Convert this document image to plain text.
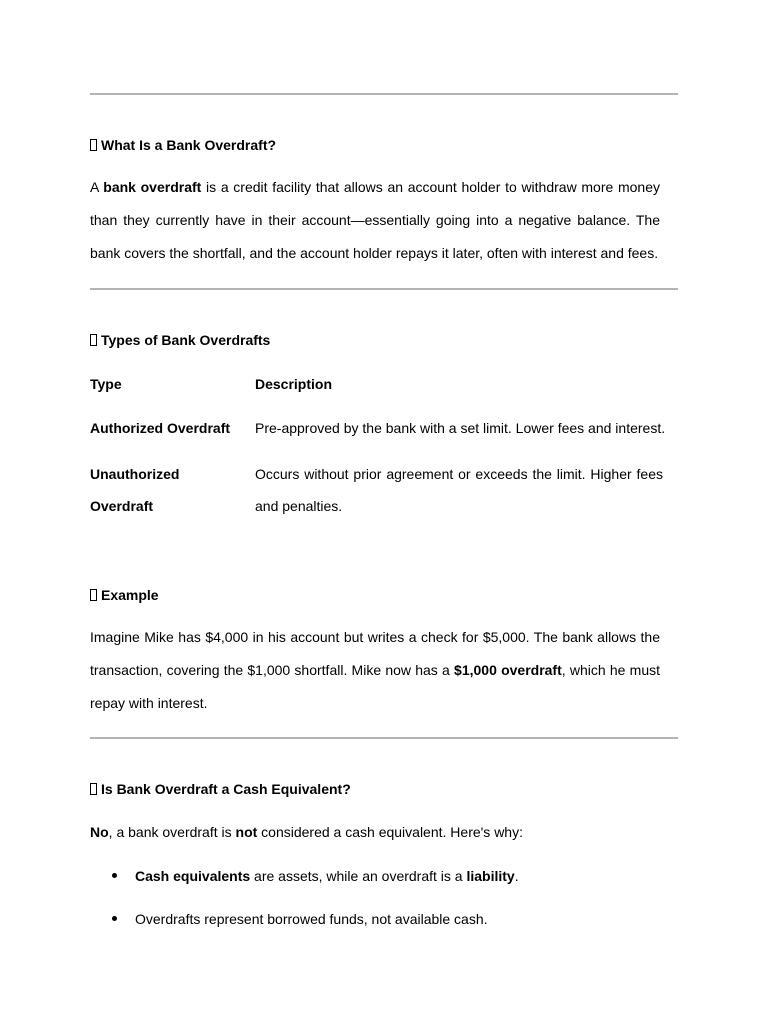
What Is a Bank Overdraft?
A bank overdraft is a credit facility that allows an account holder to withdraw more money than they currently have in their account—essentially going into a negative balance. The bank covers the shortfall, and the account holder repays it later, often with interest and fees.
Types of Bank Overdrafts
Type	Description
Authorized Overdraft	Pre-approved by the bank with a set limit. Lower fees and interest.
Unauthorized Overdraft
Occurs without prior agreement or exceeds the limit. Higher fees and penalties.
Example
Imagine Mike has $4,000 in his account but writes a check for $5,000. The bank allows the transaction, covering the $1,000 shortfall. Mike now has a $1,000 overdraft, which he must repay with interest.
Is Bank Overdraft a Cash Equivalent?
No, a bank overdraft is not considered a cash equivalent. Here's why:
Cash equivalents are assets, while an overdraft is a liability.
Overdrafts represent borrowed funds, not available cash.
